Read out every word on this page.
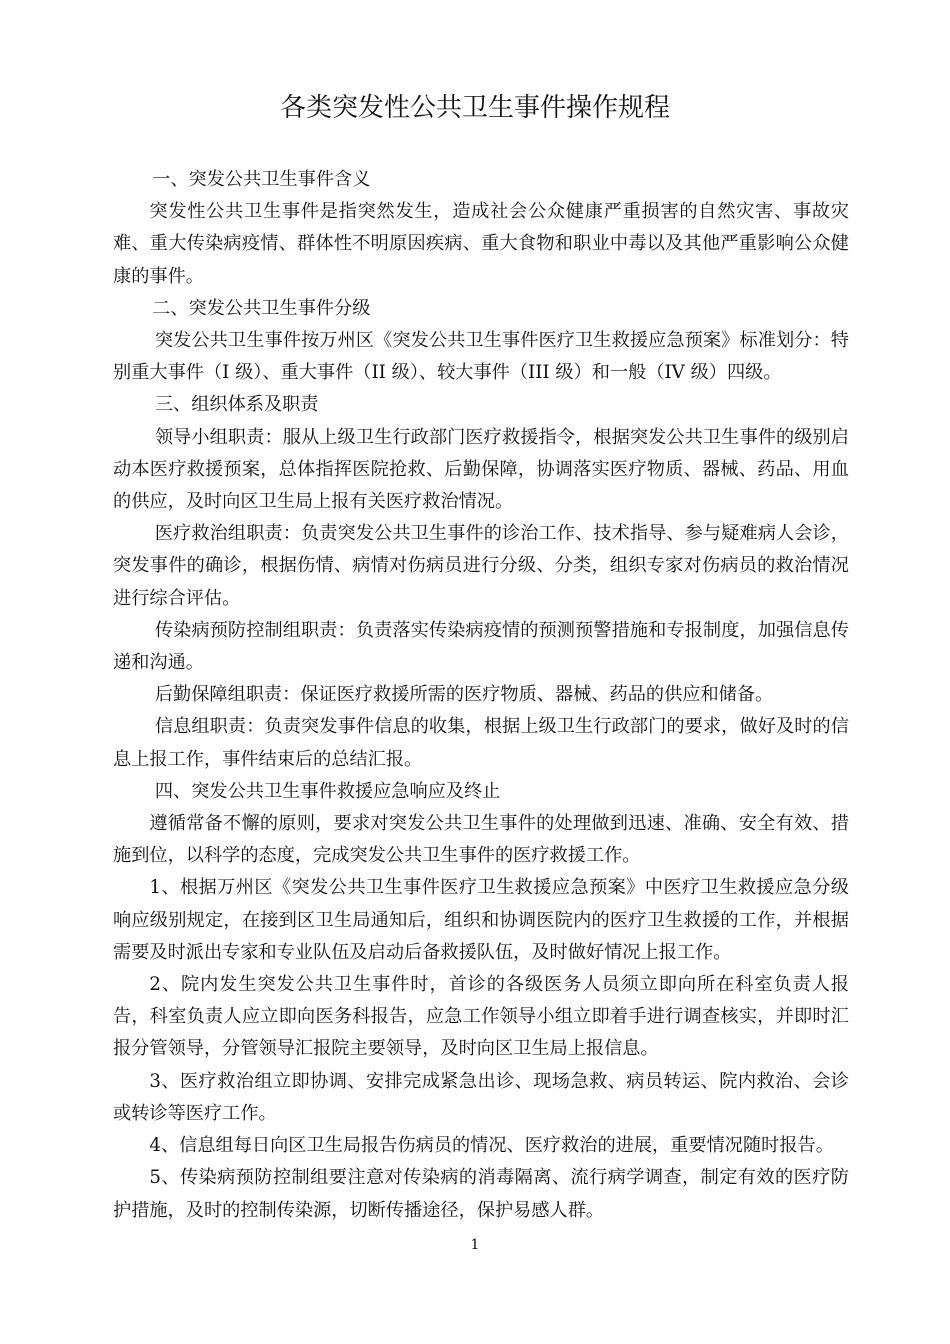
各类突发性公共卫生事件操作规程

一、突发公共卫生事件含义

突发性公共卫生事件是指突然发生，造成社会公众健康严重损害的自然灾害、事故灾难、重大传染病疫情、群体性不明原因疾病、重大食物和职业中毒以及其他严重影响公众健康的事件。

二、突发公共卫生事件分级

突发公共卫生事件按万州区《突发公共卫生事件医疗卫生救援应急预案》标准划分：特别重大事件（I 级）、重大事件（II 级）、较大事件（III 级）和一般（IV 级）四级。

三、组织体系及职责

领导小组职责：服从上级卫生行政部门医疗救援指令，根据突发公共卫生事件的级别启动本医疗救援预案，总体指挥医院抢救、后勤保障，协调落实医疗物质、器械、药品、用血的供应，及时向区卫生局上报有关医疗救治情况。

医疗救治组职责：负责突发公共卫生事件的诊治工作、技术指导、参与疑难病人会诊，突发事件的确诊，根据伤情、病情对伤病员进行分级、分类，组织专家对伤病员的救治情况进行综合评估。

传染病预防控制组职责：负责落实传染病疫情的预测预警措施和专报制度，加强信息传递和沟通。

后勤保障组职责：保证医疗救援所需的医疗物质、器械、药品的供应和储备。

信息组职责：负责突发事件信息的收集，根据上级卫生行政部门的要求，做好及时的信息上报工作，事件结束后的总结汇报。

四、突发公共卫生事件救援应急响应及终止

遵循常备不懈的原则，要求对突发公共卫生事件的处理做到迅速、准确、安全有效、措施到位，以科学的态度，完成突发公共卫生事件的医疗救援工作。

1、根据万州区《突发公共卫生事件医疗卫生救援应急预案》中医疗卫生救援应急分级响应级别规定，在接到区卫生局通知后，组织和协调医院内的医疗卫生救援的工作，并根据需要及时派出专家和专业队伍及启动后备救援队伍，及时做好情况上报工作。

2、院内发生突发公共卫生事件时，首诊的各级医务人员须立即向所在科室负责人报告，科室负责人应立即向医务科报告，应急工作领导小组立即着手进行调查核实，并即时汇报分管领导，分管领导汇报院主要领导，及时向区卫生局上报信息。

3、医疗救治组立即协调、安排完成紧急出诊、现场急救、病员转运、院内救治、会诊或转诊等医疗工作。

4、信息组每日向区卫生局报告伤病员的情况、医疗救治的进展，重要情况随时报告。

5、传染病预防控制组要注意对传染病的消毒隔离、流行病学调查，制定有效的医疗防护措施，及时的控制传染源，切断传播途径，保护易感人群。

1
